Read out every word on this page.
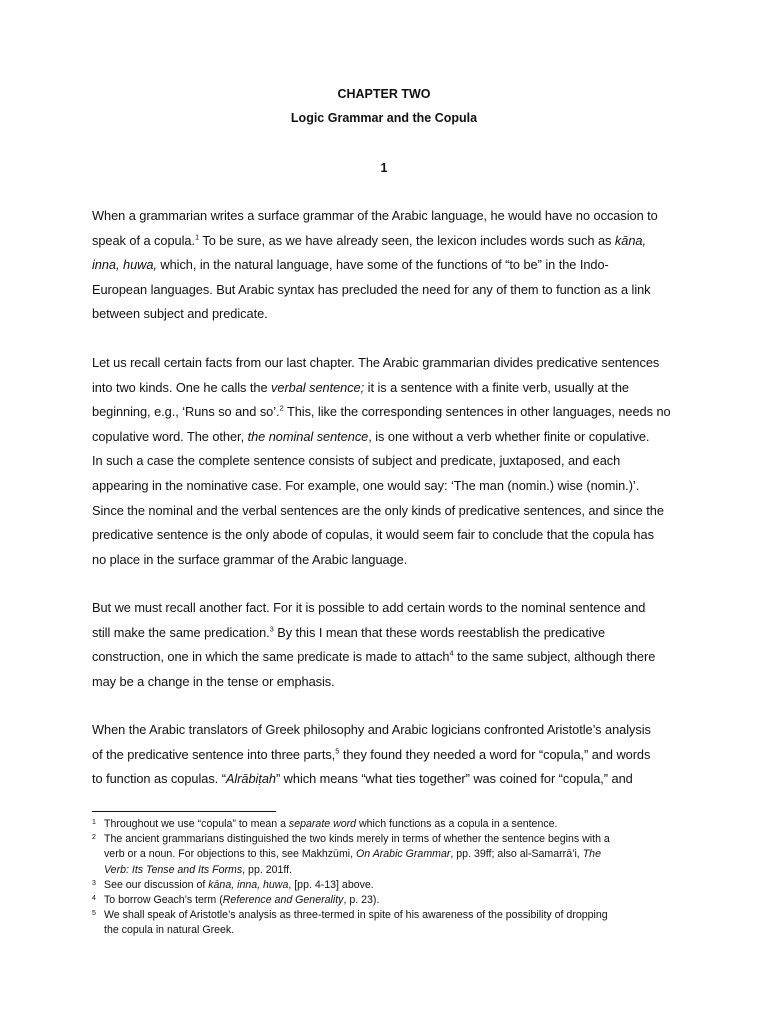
CHAPTER TWO
Logic Grammar and the Copula
1
When a grammarian writes a surface grammar of the Arabic language, he would have no occasion to
speak of a copula.$^1$ To be sure, as we have already seen, the lexicon includes words such as kāna,
inna, huwa, which, in the natural language, have some of the functions of “to be” in the Indo-
European languages. But Arabic syntax has precluded the need for any of them to function as a link
between subject and predicate.
Let us recall certain facts from our last chapter. The Arabic grammarian divides predicative sentences
into two kinds. One he calls the verbal sentence; it is a sentence with a finite verb, usually at the
beginning, e.g., ‘Runs so and so’.$^2$ This, like the corresponding sentences in other languages, needs no
copulative word. The other, the nominal sentence, is one without a verb whether finite or copulative.
In such a case the complete sentence consists of subject and predicate, juxtaposed, and each
appearing in the nominative case. For example, one would say: ‘The man (nomin.) wise (nomin.)’.
Since the nominal and the verbal sentences are the only kinds of predicative sentences, and since the
predicative sentence is the only abode of copulas, it would seem fair to conclude that the copula has
no place in the surface grammar of the Arabic language.
But we must recall another fact. For it is possible to add certain words to the nominal sentence and
still make the same predication.$^3$ By this I mean that these words reestablish the predicative
construction, one in which the same predicate is made to attach$^4$ to the same subject, although there
may be a change in the tense or emphasis.
When the Arabic translators of Greek philosophy and Arabic logicians confronted Aristotle’s analysis
of the predicative sentence into three parts,$^5$ they found they needed a word for “copula,” and words
to function as copulas. “Alrābiṭah” which means “what ties together” was coined for “copula,” and
1 Throughout we use “copula” to mean a separate word which functions as a copula in a sentence.
2 The ancient grammarians distinguished the two kinds merely in terms of whether the sentence begins with a
verb or a noun. For objections to this, see Makhzūmi, On Arabic Grammar, pp. 39ff; also al-Samarrā’i, The
Verb: Its Tense and Its Forms, pp. 201ff.
3 See our discussion of kāna, inna, huwa, [pp. 4-13] above.
4 To borrow Geach’s term (Reference and Generality, p. 23).
5 We shall speak of Aristotle’s analysis as three-termed in spite of his awareness of the possibility of dropping
the copula in natural Greek.
